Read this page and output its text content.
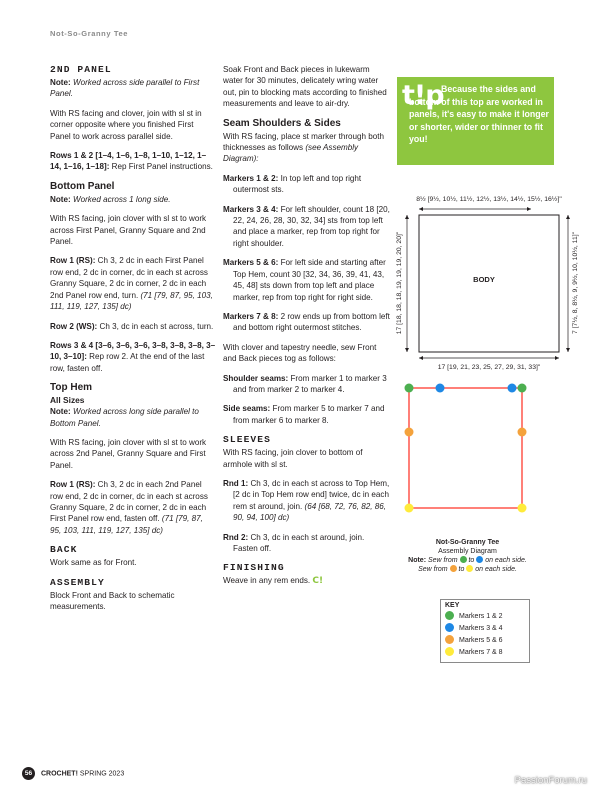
Not-So-Granny Tee
2ND PANEL

Note: Worked across side parallel to First Panel.

With RS facing and clover, join with sl st in corner opposite where you finished First Panel to work across parallel side.

Rows 1 & 2 [1–4, 1–6, 1–8, 1–10, 1–12, 1–14, 1–16, 1–18]: Rep First Panel instructions.

Bottom Panel

Note: Worked across 1 long side.

With RS facing, join clover with sl st to work across First Panel, Granny Square and 2nd Panel.

Row 1 (RS): Ch 3, 2 dc in each First Panel row end, 2 dc in corner, dc in each st across Granny Square, 2 dc in corner, 2 dc in each 2nd Panel row end, turn. (71 [79, 87, 95, 103, 111, 119, 127, 135] dc)

Row 2 (WS): Ch 3, dc in each st across, turn.

Rows 3 & 4 [3–6, 3–6, 3–6, 3–8, 3–8, 3–8, 3–10, 3–10]: Rep row 2. At the end of the last row, fasten off.

Top Hem
All Sizes

Note: Worked across long side parallel to Bottom Panel.

With RS facing, join clover with sl st to work across 2nd Panel, Granny Square and First Panel.

Row 1 (RS): Ch 3, 2 dc in each 2nd Panel row end, 2 dc in corner, dc in each st across Granny Square, 2 dc in corner, 2 dc in each First Panel row end, fasten off. (71 [79, 87, 95, 103, 111, 119, 127, 135] dc)

BACK

Work same as for Front.

ASSEMBLY

Block Front and Back to schematic measurements.

Soak Front and Back pieces in lukewarm water for 30 minutes, delicately wring water out, pin to blocking mats according to finished measurements and leave to air-dry.

Seam Shoulders & Sides

With RS facing, place st marker through both thicknesses as follows (see Assembly Diagram):

Markers 1 & 2: In top left and top right outermost sts.

Markers 3 & 4: For left shoulder, count 18 [20, 22, 24, 26, 28, 30, 32, 34] sts from top left and place a marker, rep from top right for right shoulder.

Markers 5 & 6: For left side and starting after Top Hem, count 30 [32, 34, 36, 39, 41, 43, 45, 48] sts down from top left and place marker, rep from top right for right side.

Markers 7 & 8: 2 row ends up from bottom left and bottom right outermost stitches.

With clover and tapestry needle, sew Front and Back pieces tog as follows:

Shoulder seams: From marker 1 to marker 3 and from marker 2 to marker 4.

Side seams: From marker 5 to marker 7 and from marker 6 to marker 8.

SLEEVES

With RS facing, join clover to bottom of armhole with sl st.

Rnd 1: Ch 3, dc in each st across to Top Hem, [2 dc in Top Hem row end] twice, dc in each rem st around, join. (64 [68, 72, 76, 82, 86, 90, 94, 100] dc)

Rnd 2: Ch 3, dc in each st around, join. Fasten off.

FINISHING

Weave in any rem ends. C!

t!p
Because the sides and bottom of this top are worked in panels, it's easy to make it longer or shorter, wider or thinner to fit you!
8½ [9½, 10½, 11½, 12½, 13½, 14½, 15½, 16½]"
BODY
17 [18, 18, 18, 19, 19, 19, 20, 20]"	7 [7½, 8, 8½, 9, 9½, 10, 10½, 11]"
17 [19, 21, 23, 25, 27, 29, 31, 33]"
Not-So-Granny Tee
Assembly Diagram
Note: Sew from to on each side.
Sew from to on each side.
KEY
Markers 1 & 2
Markers 3 & 4
Markers 5 & 6
Markers 7 & 8
56 CROCHET! SPRING 2023
PassionForum.ru
